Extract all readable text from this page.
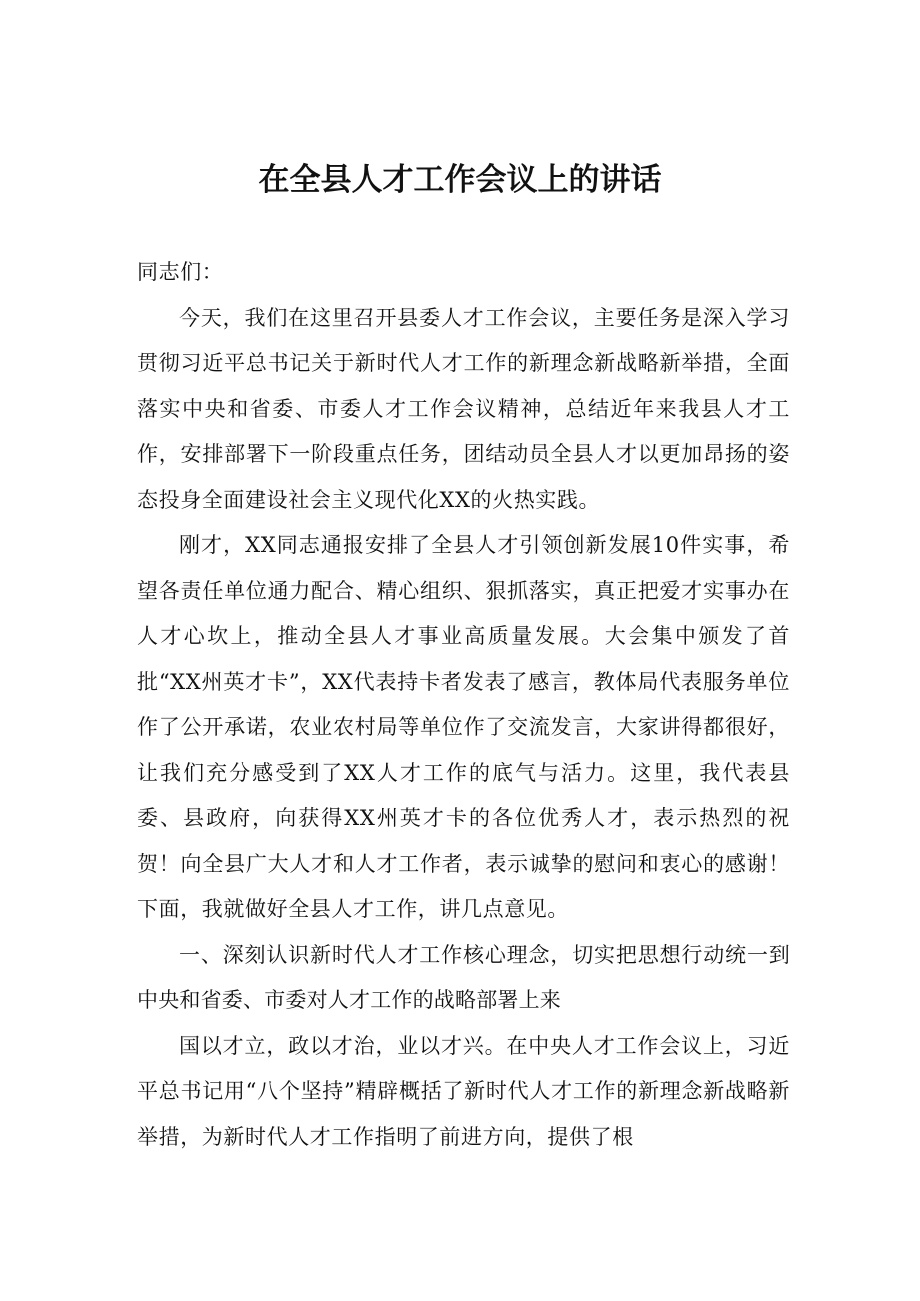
在全县人才工作会议上的讲话

同志们：

今天，我们在这里召开县委人才工作会议，主要任务是深入学习贯彻习近平总书记关于新时代人才工作的新理念新战略新举措，全面落实中央和省委、市委人才工作会议精神，总结近年来我县人才工作，安排部署下一阶段重点任务，团结动员全县人才以更加昂扬的姿态投身全面建设社会主义现代化XX的火热实践。

刚才，XX同志通报安排了全县人才引领创新发展10件实事，希望各责任单位通力配合、精心组织、狠抓落实，真正把爱才实事办在人才心坎上，推动全县人才事业高质量发展。大会集中颁发了首批“XX州英才卡”，XX代表持卡者发表了感言，教体局代表服务单位作了公开承诺，农业农村局等单位作了交流发言，大家讲得都很好，让我们充分感受到了XX人才工作的底气与活力。这里，我代表县委、县政府，向获得XX州英才卡的各位优秀人才，表示热烈的祝贺！向全县广大人才和人才工作者，表示诚挚的慰问和衷心的感谢！下面，我就做好全县人才工作，讲几点意见。

一、深刻认识新时代人才工作核心理念，切实把思想行动统一到中央和省委、市委对人才工作的战略部署上来

国以才立，政以才治，业以才兴。在中央人才工作会议上，习近平总书记用“八个坚持”精辟概括了新时代人才工作的新理念新战略新举措，为新时代人才工作指明了前进方向，提供了根
